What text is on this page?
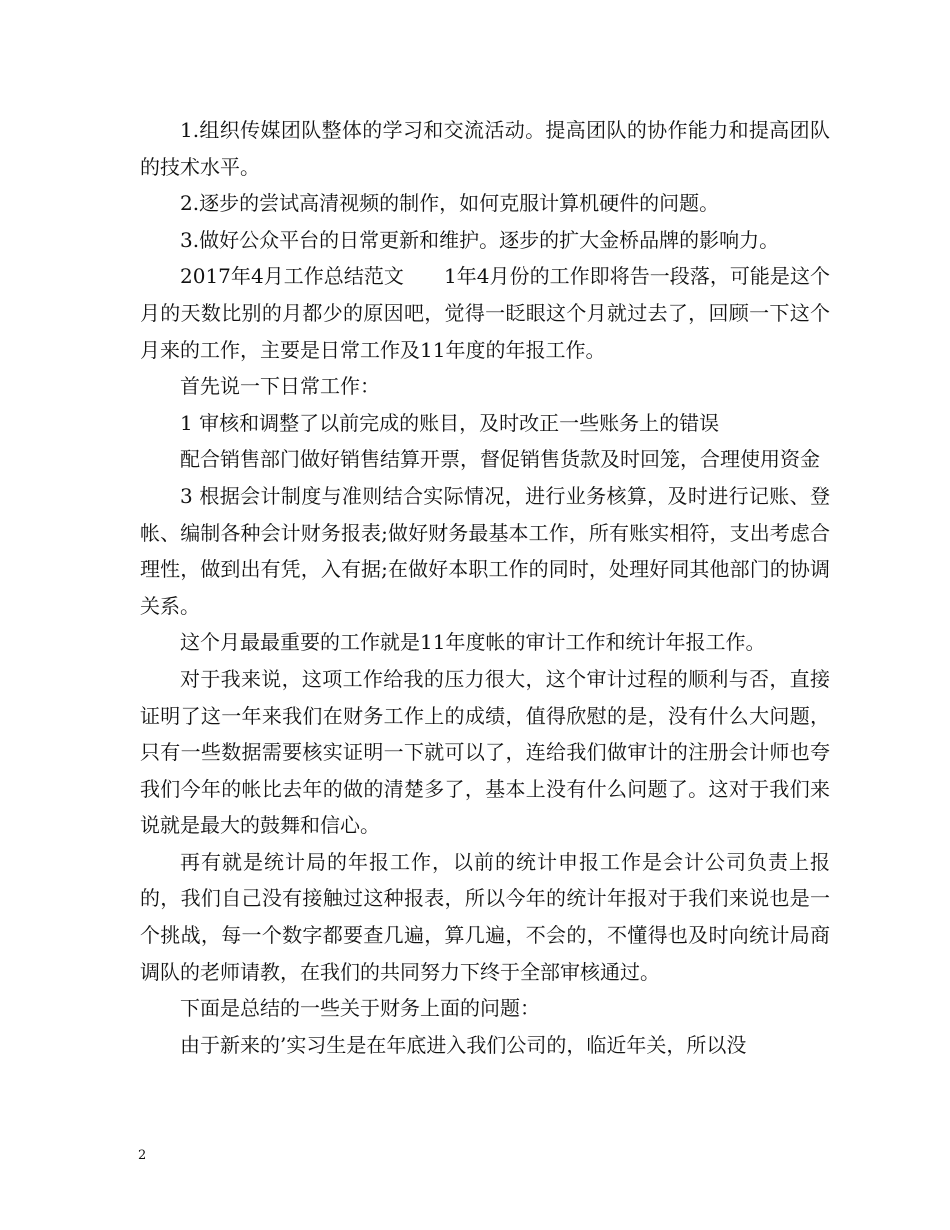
1.组织传媒团队整体的学习和交流活动。提高团队的协作能力和提高团队的技术水平。

2.逐步的尝试高清视频的制作，如何克服计算机硬件的问题。

3.做好公众平台的日常更新和维护。逐步的扩大金桥品牌的影响力。

2017年4月工作总结范文　　1年4月份的工作即将告一段落，可能是这个月的天数比别的月都少的原因吧，觉得一眨眼这个月就过去了，回顾一下这个月来的工作，主要是日常工作及11年度的年报工作。

首先说一下日常工作：

1 审核和调整了以前完成的账目，及时改正一些账务上的错误

配合销售部门做好销售结算开票，督促销售货款及时回笼，合理使用资金

3 根据会计制度与准则结合实际情况，进行业务核算，及时进行记账、登帐、编制各种会计财务报表;做好财务最基本工作，所有账实相符，支出考虑合理性，做到出有凭，入有据;在做好本职工作的同时，处理好同其他部门的协调关系。

这个月最最重要的工作就是11年度帐的审计工作和统计年报工作。

对于我来说，这项工作给我的压力很大，这个审计过程的顺利与否，直接证明了这一年来我们在财务工作上的成绩，值得欣慰的是，没有什么大问题，只有一些数据需要核实证明一下就可以了，连给我们做审计的注册会计师也夸我们今年的帐比去年的做的清楚多了，基本上没有什么问题了。这对于我们来说就是最大的鼓舞和信心。

再有就是统计局的年报工作，以前的统计申报工作是会计公司负责上报的，我们自己没有接触过这种报表，所以今年的统计年报对于我们来说也是一个挑战，每一个数字都要查几遍，算几遍，不会的，不懂得也及时向统计局商调队的老师请教，在我们的共同努力下终于全部审核通过。

下面是总结的一些关于财务上面的问题：

由于新来的’实习生是在年底进入我们公司的，临近年关，所以没

2
